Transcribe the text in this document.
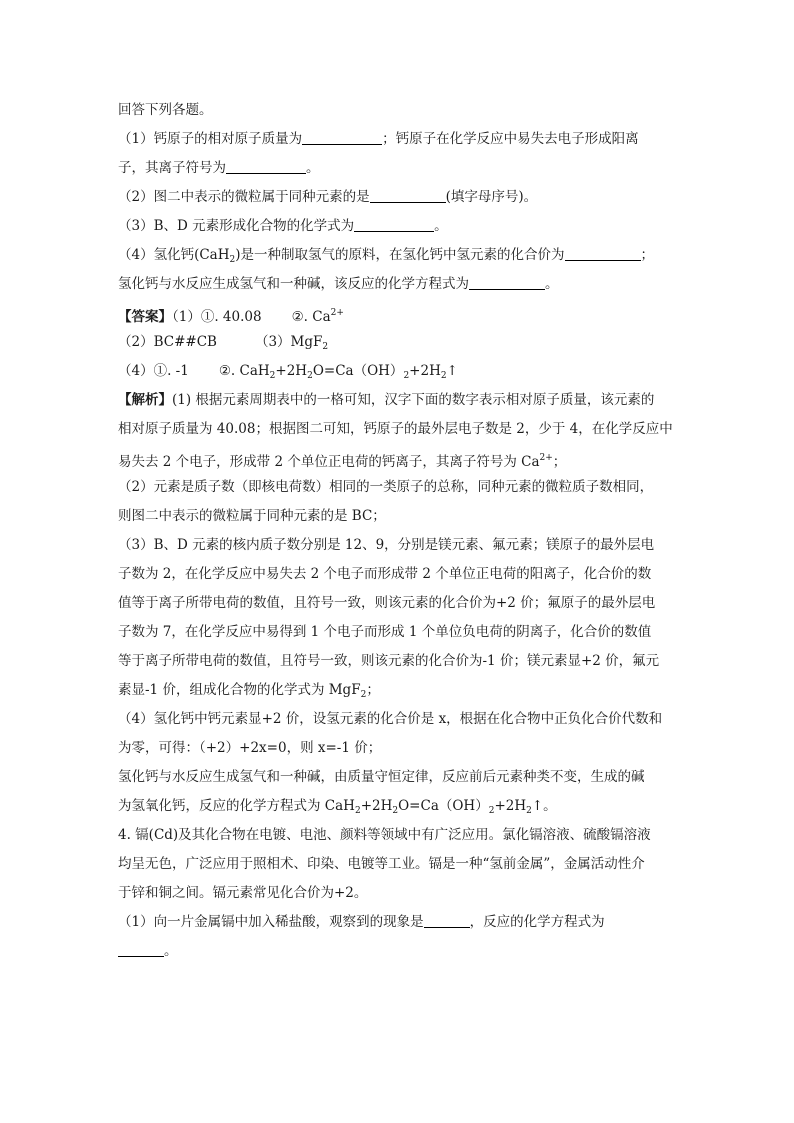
回答下列各题。
（1）钙原子的相对原子质量为	；钙原子在化学反应中易失去电子形成阳离
子，其离子符号为	。
（2）图二中表示的微粒属于同种元素的是	(填字母序号)。
（3）B、D 元素形成化合物的化学式为	。
（4）氢化钙(CaH$_2$)是一种制取氢气的原料，在氢化钙中氢元素的化合价为	；
氢化钙与水反应生成氢气和一种碱，该反应的化学方程式为	。
【答案】（1）①. 40.08 ②. $Ca^{2+}$
（2）BC##CB	（3）MgF$_2$
（4）①. -1 ②. $CaH_2+2H_2O=Ca(OH)_2+2H_2↑$
【解析】(1) 根据元素周期表中的一格可知，汉字下面的数字表示相对原子质量，该元素的
相对原子质量为 40.08；根据图二可知，钙原子的最外层电子数是 2，少于 4，在化学反应中
易失去 2 个电子，形成带 2 个单位正电荷的钙离子，其离子符号为 $Ca^{2+}$；
（2）元素是质子数（即核电荷数）相同的一类原子的总称，同种元素的微粒质子数相同，
则图二中表示的微粒属于同种元素的是 BC；
（3）B、D 元素的核内质子数分别是 12、9，分别是镁元素、氟元素；镁原子的最外层电
子数为 2，在化学反应中易失去 2 个电子而形成带 2 个单位正电荷的阳离子，化合价的数
值等于离子所带电荷的数值，且符号一致，则该元素的化合价为+2 价；氟原子的最外层电
子数为 7，在化学反应中易得到 1 个电子而形成 1 个单位负电荷的阴离子，化合价的数值
等于离子所带电荷的数值，且符号一致，则该元素的化合价为-1 价；镁元素显+2 价，氟元
素显-1 价，组成化合物的化学式为 MgF$_2$；
（4）氢化钙中钙元素显+2 价，设氢元素的化合价是 x，根据在化合物中正负化合价代数和
为零，可得：（+2）+2x=0，则 x=-1 价；
氢化钙与水反应生成氢气和一种碱，由质量守恒定律，反应前后元素种类不变，生成的碱
为氢氧化钙，反应的化学方程式为 $CaH_2+2H_2O=Ca(OH)_2+2H_2↑$。
4. 镉(Cd)及其化合物在电镀、电池、颜料等领域中有广泛应用。氯化镉溶液、硫酸镉溶液
均呈无色，广泛应用于照相术、印染、电镀等工业。镉是一种“氢前金属”，金属活动性介
于锌和铜之间。镉元素常见化合价为+2。
（1）向一片金属镉中加入稀盐酸，观察到的现象是	，反应的化学方程式为
。
